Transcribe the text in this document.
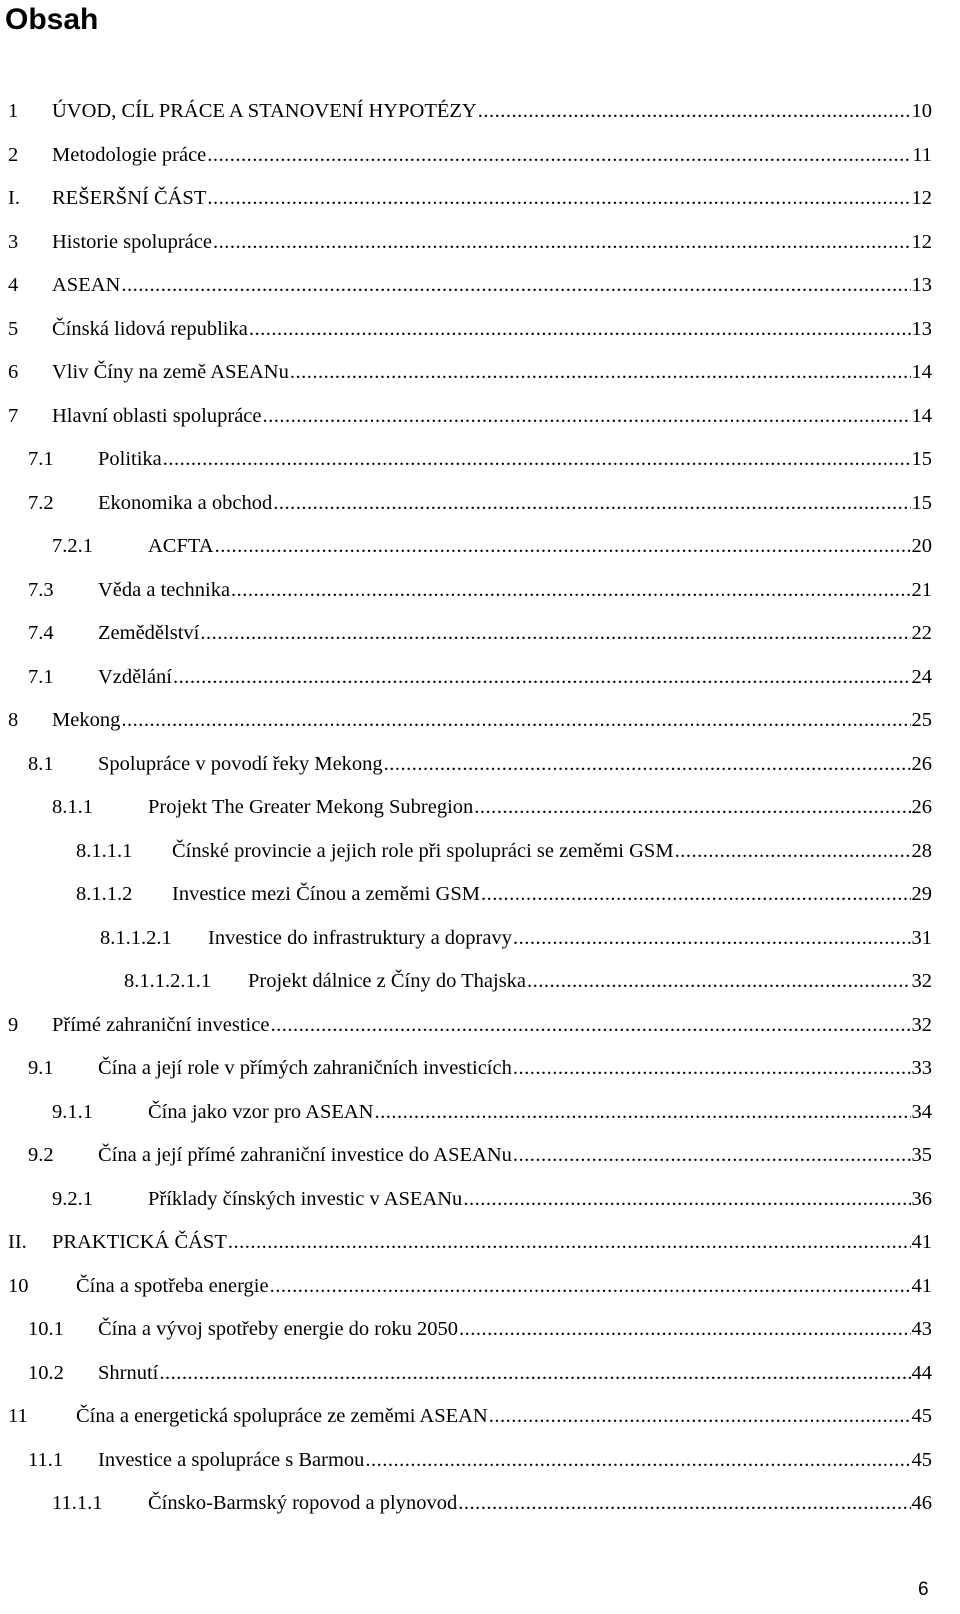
Obsah
1 ÚVOD, CÍL PRÁCE A STANOVENÍ HYPOTÉZY .....	10
2 Metodologie práce .....	11
I. REŠERŠNÍ ČÁST .....	12
3 Historie spolupráce .....	12
4 ASEAN .....	13
5 Čínská lidová republika .....	13
6 Vliv Číny na země ASEANu .....	14
7 Hlavní oblasti spolupráce .....	14
7.1 Politika .....	15
7.2 Ekonomika a obchod .....	15
7.2.1	ACFTA .....	20
7.3 Věda a technika .....	21
7.4 Zemědělství .....	22
7.1 Vzdělání .....	24
8 Mekong .....	25
8.1 Spolupráce v povodí řeky Mekong .....	26
8.1.1	Projekt The Greater Mekong Subregion .....	26
8.1.1.1 Čínské provincie a jejich role při spolupráci se zeměmi GSM .....	28
8.1.1.2 Investice mezi Čínou a zeměmi GSM .....	29
8.1.1.2.1 Investice do infrastruktury a dopravy .....	31
8.1.1.2.1.1 Projekt dálnice z Číny do Thajska .....	32
9 Přímé zahraniční investice .....	32
9.1 Čína a její role v přímých zahraničních investicích .....	33
9.1.1	Čína jako vzor pro ASEAN .....	34
9.2 Čína a její přímé zahraniční investice do ASEANu .....	35
9.2.1	Příklady čínských investic v ASEANu .....	36
II. PRAKTICKÁ ČÁST .....	41
10 Čína a spotřeba energie .....	41
10.1 Čína a vývoj spotřeby energie do roku 2050 .....	43
10.2 Shrnutí .....	44
11 Čína a energetická spolupráce ze zeměmi ASEAN .....	45
11.1 Investice a spolupráce s Barmou .....	45
11.1.1 Čínsko-Barmský ropovod a plynovod .....	46
6
